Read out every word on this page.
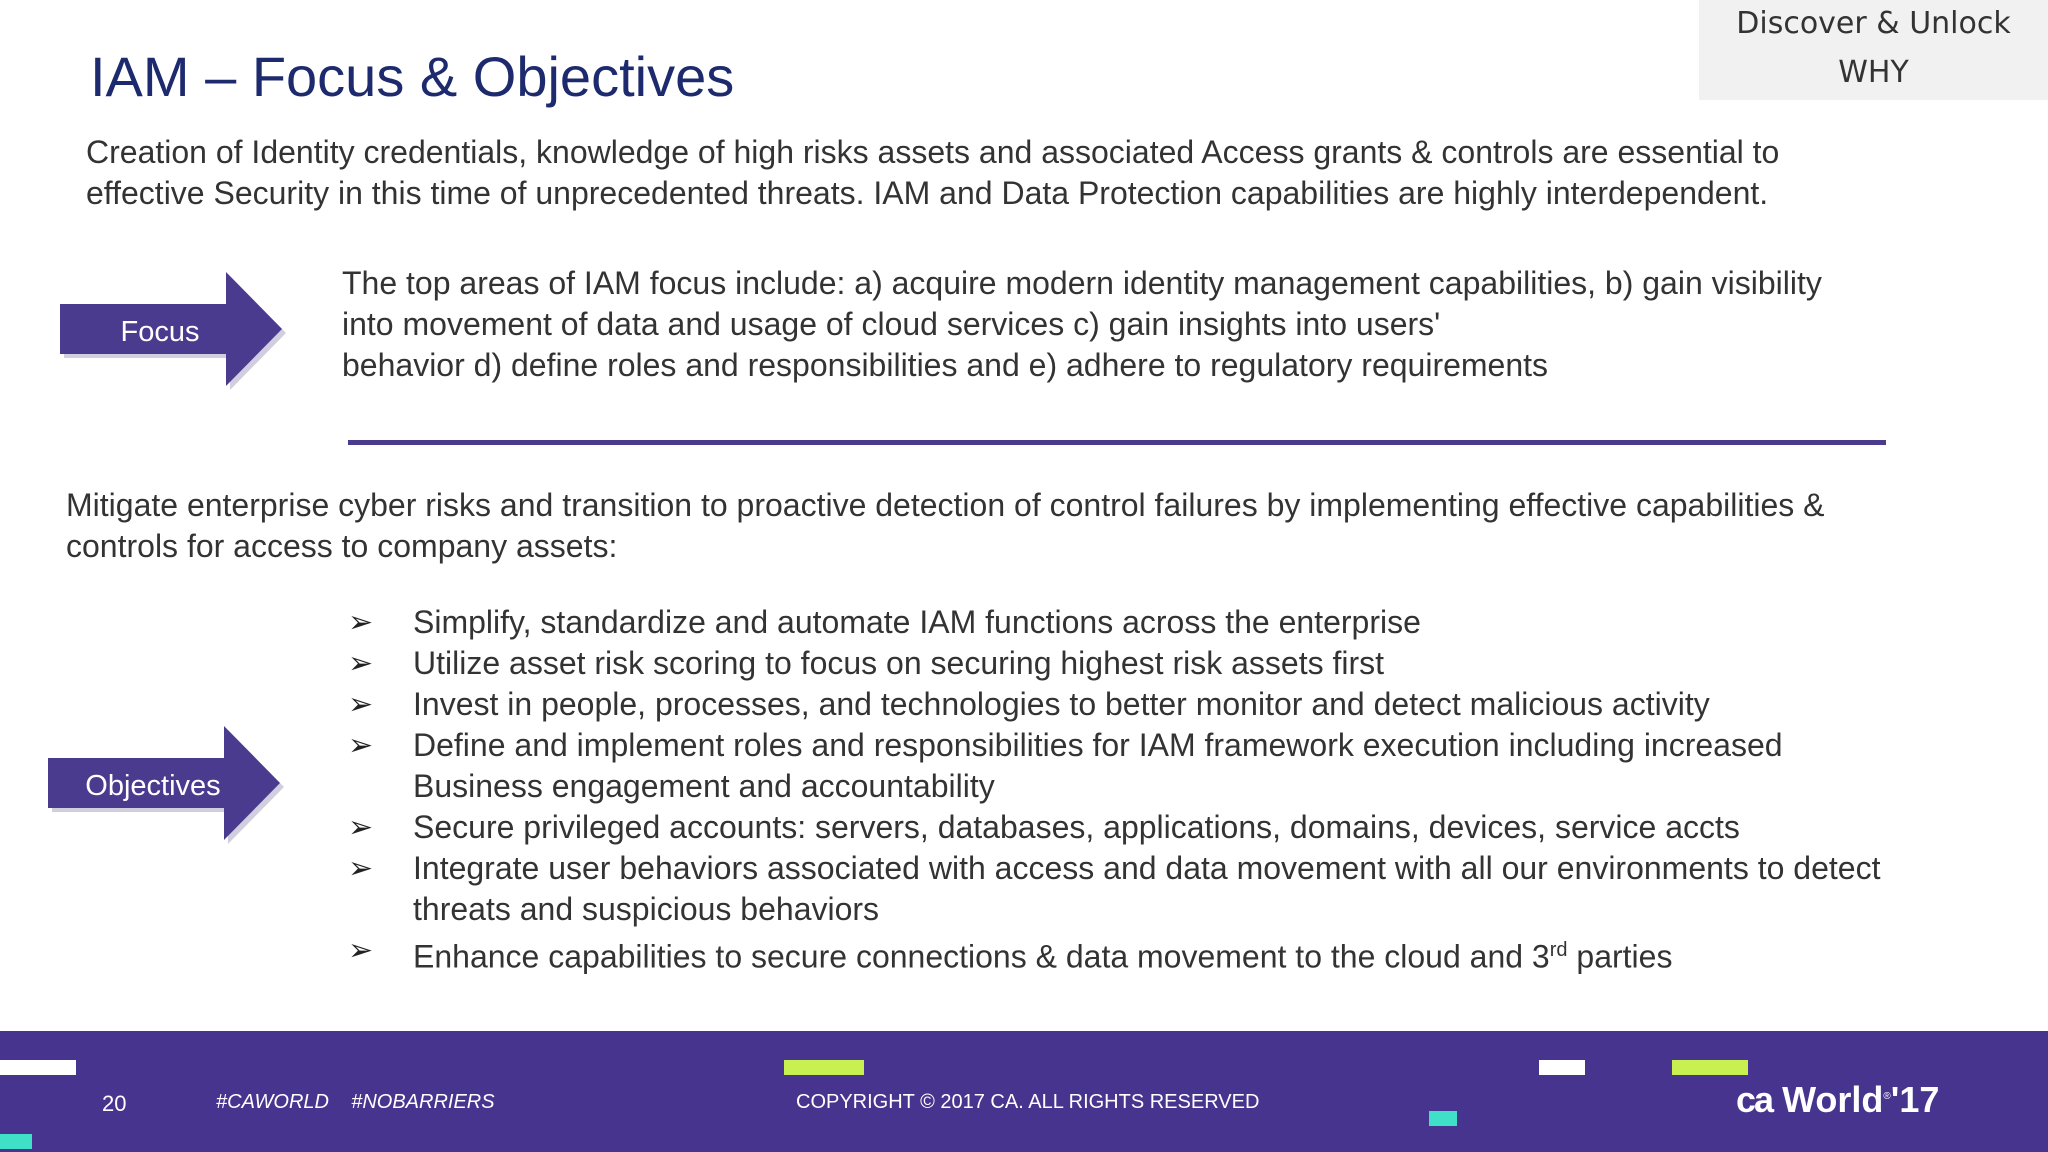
Discover & Unlock
WHY
IAM – Focus & Objectives
Creation of Identity credentials, knowledge of high risks assets and associated Access grants & controls are essential to
effective Security in this time of unprecedented threats. IAM and Data Protection capabilities are highly interdependent.
Focus
The top areas of IAM focus include: a) acquire modern identity management capabilities, b) gain visibility
into movement of data and usage of cloud services c) gain insights into users'
behavior d) define roles and responsibilities and e) adhere to regulatory requirements
Mitigate enterprise cyber risks and transition to proactive detection of control failures by implementing effective capabilities &
controls for access to company assets:
Objectives
➢ Simplify, standardize and automate IAM functions across the enterprise
➢ Utilize asset risk scoring to focus on securing highest risk assets first
➢ Invest in people, processes, and technologies to better monitor and detect malicious activity
➢ Define and implement roles and responsibilities for IAM framework execution including increased
Business engagement and accountability
➢ Secure privileged accounts: servers, databases, applications, domains, devices, service accts
➢ Integrate user behaviors associated with access and data movement with all our environments to detect
threats and suspicious behaviors
➢ Enhance capabilities to secure connections & data movement to the cloud and 3rd parties
20	#CAWORLD    #NOBARRIERS	COPYRIGHT © 2017 CA. ALL RIGHTS RESERVED	ca World®'17
